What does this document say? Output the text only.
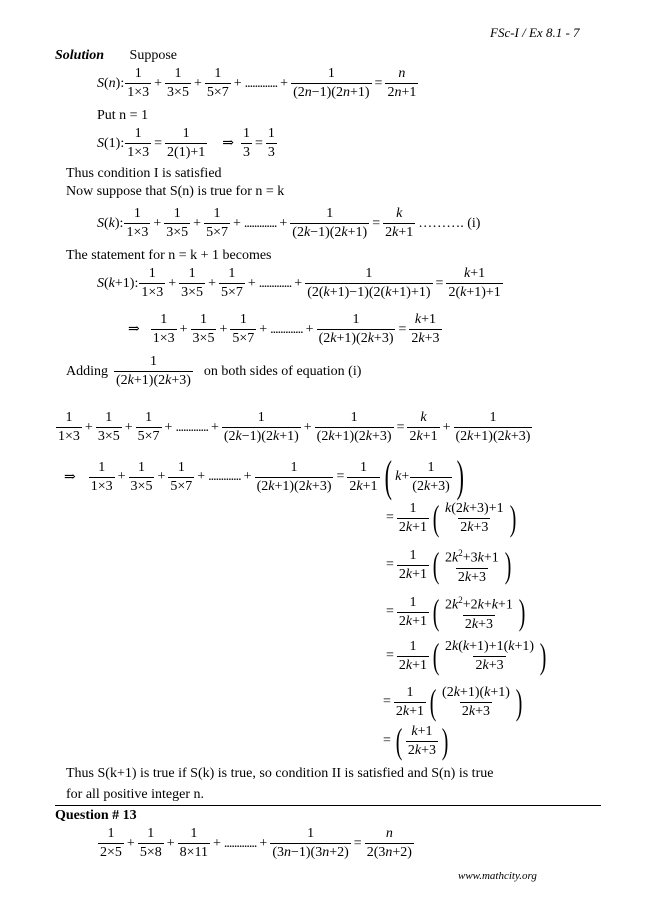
FSc-I / Ex 8.1 - 7
Solution Suppose
S(n): $\frac{1}{1\times 3} + \frac{1}{3\times 5} + \frac{1}{5\times 7}$ + ............. + $\frac{1}{(2n-1)(2n+1)} = \frac{n}{2n+1}$
Put n = 1
S(1): $\frac{1}{1\times 3} = \frac{1}{2(1)+1}$ ⇒ $\frac{1}{3} = \frac{1}{3}$
Thus condition I is satisfied
Now suppose that S(n) is true for n = k
S(k): $\frac{1}{1\times 3} + \frac{1}{3\times 5} + \frac{1}{5\times 7}$ + ............. + $\frac{1}{(2k-1)(2k+1)} = \frac{k}{2k+1}$ ………. (i)
The statement for n = k + 1 becomes
S(k+1): $\frac{1}{1\times 3} + \frac{1}{3\times 5} + \frac{1}{5\times 7}$ + ............. + $\frac{1}{(2(k+1)-1)(2(k+1)+1)} = \frac{k+1}{2(k+1)+1}$
⇒ $\frac{1}{1\times 3} + \frac{1}{3\times 5} + \frac{1}{5\times 7}$ + ............. + $\frac{1}{(2k+1)(2k+3)} = \frac{k+1}{2k+3}$
Adding $\frac{1}{(2k+1)(2k+3)}$ on both sides of equation (i)
$\frac{1}{1\times 3} + \frac{1}{3\times 5} + \frac{1}{5\times 7}$ + ............. + $\frac{1}{(2k-1)(2k+1)} + \frac{1}{(2k+1)(2k+3)} = \frac{k}{2k+1} + \frac{1}{(2k+1)(2k+3)}$
⇒ $\frac{1}{1\times 3} + \frac{1}{3\times 5} + \frac{1}{5\times 7}$ + ............. + $\frac{1}{(2k+1)(2k+3)} = \frac{1}{2k+1}$ ( $k+ \frac{1}{(2k+3)}$ )
= $\frac{1}{2k+1}$ ( $\frac{k(2k+3)+1}{2k+3}$ )
= $\frac{1}{2k+1}$ ( $\frac{2k^2+3k+1}{2k+3}$ )
= $\frac{1}{2k+1}$ ( $\frac{2k^2+2k+k+1}{2k+3}$ )
= $\frac{1}{2k+1}$ ( $\frac{2k(k+1)+1(k+1)}{2k+3}$ )
= $\frac{1}{2k+1}$ ( $\frac{(2k+1)(k+1)}{2k+3}$ )
= ( $\frac{k+1}{2k+3}$ )
Thus S(k+1) is true if S(k) is true, so condition II is satisfied and S(n) is true
for all positive integer n.
Question # 13
$\frac{1}{2\times 5} + \frac{1}{5\times 8} + \frac{1}{8\times 11}$ + ............. + $\frac{1}{(3n-1)(3n+2)} = \frac{n}{2(3n+2)}$
www.mathcity.org
